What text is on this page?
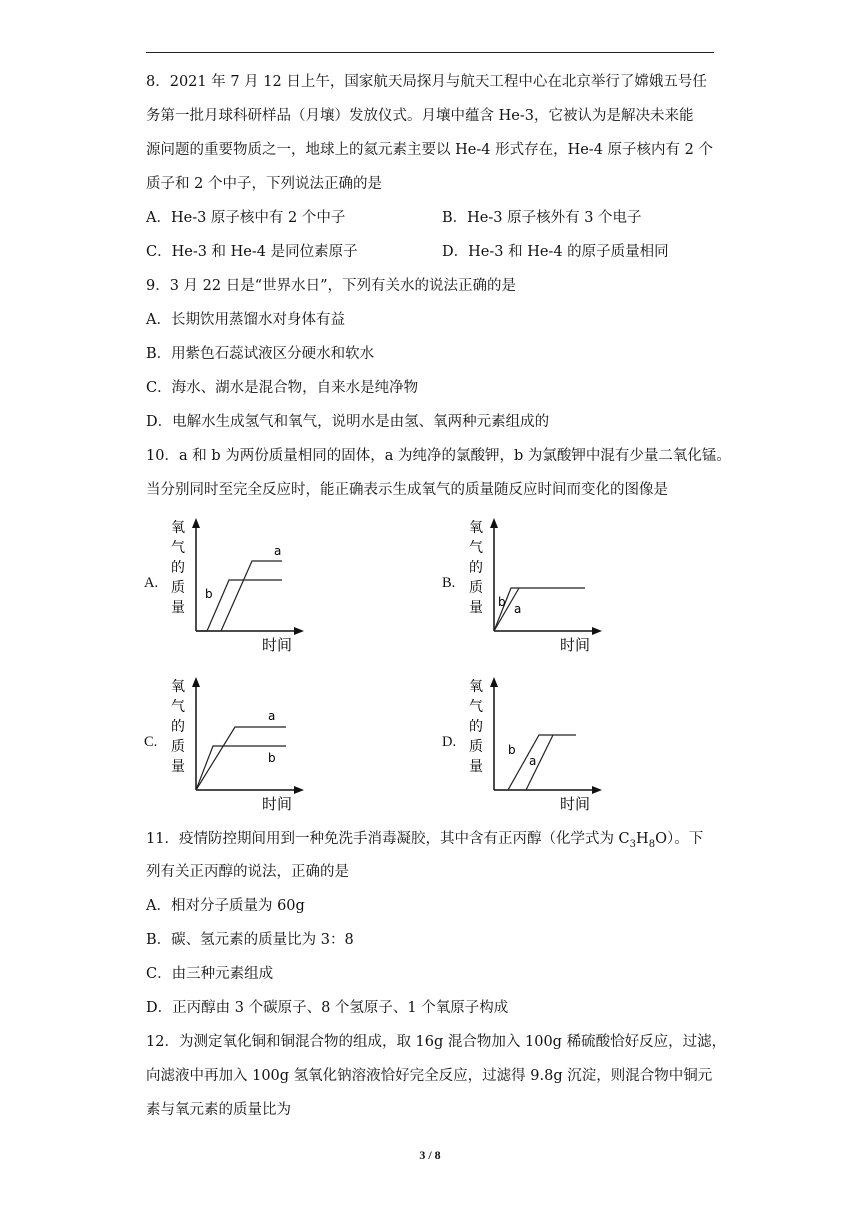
8．2021 年 7 月 12 日上午，国家航天局探月与航天工程中心在北京举行了嫦娥五号任
务第一批月球科研样品（月壤）发放仪式。月壤中蕴含 He-3，它被认为是解决未来能
源问题的重要物质之一，地球上的氦元素主要以 He-4 形式存在，He-4 原子核内有 2 个
质子和 2 个中子，下列说法正确的是
A．He-3 原子核中有 2 个中子	B．He-3 原子核外有 3 个电子
C．He-3 和 He-4 是同位素原子	D．He-3 和 He-4 的原子质量相同
9．3 月 22 日是“世界水日”，下列有关水的说法正确的是
A．长期饮用蒸馏水对身体有益
B．用紫色石蕊试液区分硬水和软水
C．海水、湖水是混合物，自来水是纯净物
D．电解水生成氢气和氧气，说明水是由氢、氧两种元素组成的
10．a 和 b 为两份质量相同的固体，a 为纯净的氯酸钾，b 为氯酸钾中混有少量二氧化锰。
当分别同时至完全反应时，能正确表示生成氧气的质量随反应时间而变化的图像是
A.
氧
气
的
质
量
时间
a
b
B.
氧
气
的
质
量
时间
a
b
C.
氧
气
的
质
量
时间
a
b
D.
氧
气
的
质
量
时间
a
b
11．疫情防控期间用到一种免洗手消毒凝胶，其中含有正丙醇（化学式为 $C_3H_8O$）。下
列有关正丙醇的说法，正确的是
A．相对分子质量为 60g
B．碳、氢元素的质量比为 3：8
C．由三种元素组成
D．正丙醇由 3 个碳原子、8 个氢原子、1 个氧原子构成
12．为测定氧化铜和铜混合物的组成，取 16g 混合物加入 100g 稀硫酸恰好反应，过滤，
向滤液中再加入 100g 氢氧化钠溶液恰好完全反应，过滤得 9.8g 沉淀，则混合物中铜元
素与氧元素的质量比为
3 / 8
